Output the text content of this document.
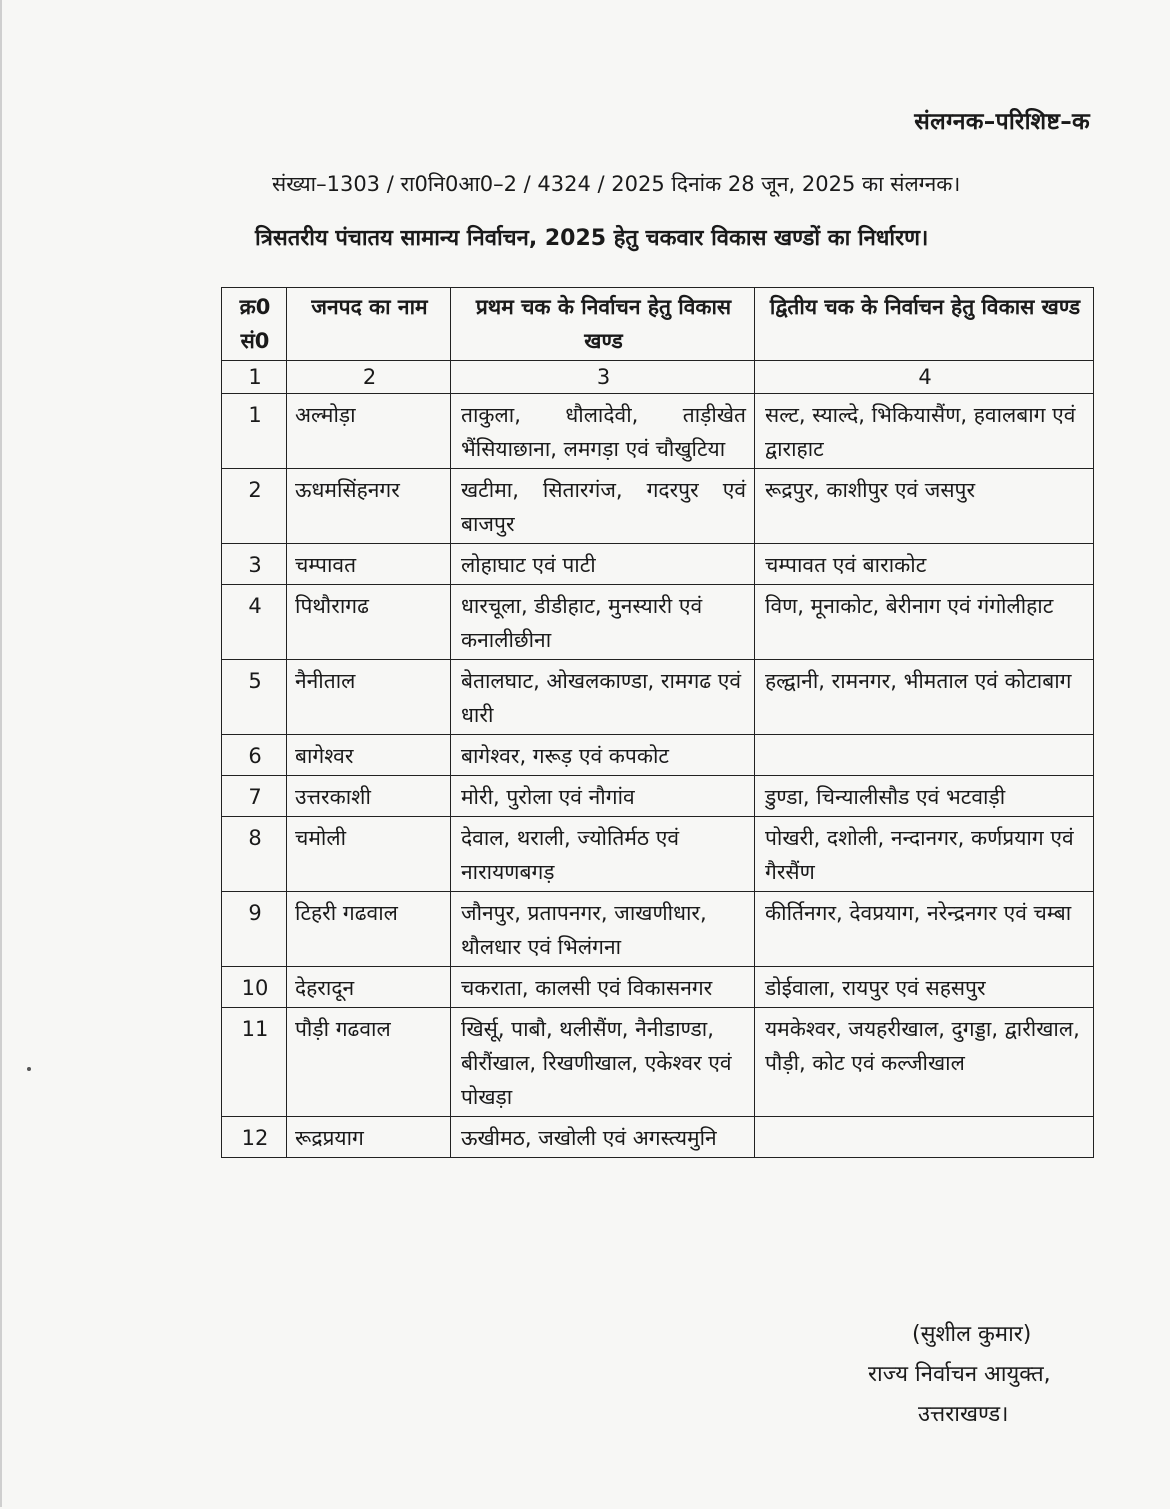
संलग्नक–परिशिष्ट–क
संख्या–1303 / रा0नि0आ0–2 / 4324 / 2025 दिनांक 28 जून, 2025 का संलग्नक।
त्रिसतरीय पंचातय सामान्य निर्वाचन, 2025 हेतु चकवार विकास खण्डों का निर्धारण।
क्र0 सं0	जनपद का नाम	प्रथम चक के निर्वाचन हेतु विकास खण्ड	द्वितीय चक के निर्वाचन हेतु विकास खण्ड
1	2	3	4
1	अल्मोड़ा	ताकुला, धौलादेवी, ताड़ीखेत भैंसियाछाना, लमगड़ा एवं चौखुटिया	सल्ट, स्याल्दे, भिकियासैंण, हवालबाग एवं द्वाराहाट
2	ऊधमसिंहनगर	खटीमा, सितारगंज, गदरपुर एवं बाजपुर	रूद्रपुर, काशीपुर एवं जसपुर
3	चम्पावत	लोहाघाट एवं पाटी	चम्पावत एवं बाराकोट
4	पिथौरागढ	धारचूला, डीडीहाट, मुनस्यारी एवं कनालीछीना	विण, मूनाकोट, बेरीनाग एवं गंगोलीहाट
5	नैनीताल	बेतालघाट, ओखलकाण्डा, रामगढ एवं धारी	हल्द्वानी, रामनगर, भीमताल एवं कोटाबाग
6	बागेश्वर	बागेश्वर, गरूड़ एवं कपकोट	
7	उत्तरकाशी	मोरी, पुरोला एवं नौगांव	डुण्डा, चिन्यालीसौड एवं भटवाड़ी
8	चमोली	देवाल, थराली, ज्योतिर्मठ एवं नारायणबगड़	पोखरी, दशोली, नन्दानगर, कर्णप्रयाग एवं गैरसैंण
9	टिहरी गढवाल	जौनपुर, प्रतापनगर, जाखणीधार, थौलधार एवं भिलंगना	कीर्तिनगर, देवप्रयाग, नरेन्द्रनगर एवं चम्बा
10	देहरादून	चकराता, कालसी एवं विकासनगर	डोईवाला, रायपुर एवं सहसपुर
11	पौड़ी गढवाल	खिर्सू, पाबौ, थलीसैंण, नैनीडाण्डा, बीरौंखाल, रिखणीखाल, एकेश्वर एवं पोखड़ा	यमकेश्वर, जयहरीखाल, दुगड्डा, द्वारीखाल, पौड़ी, कोट एवं कल्जीखाल
12	रूद्रप्रयाग	ऊखीमठ, जखोली एवं अगस्त्यमुनि	
(सुशील कुमार)
राज्य निर्वाचन आयुक्त,
उत्तराखण्ड।
